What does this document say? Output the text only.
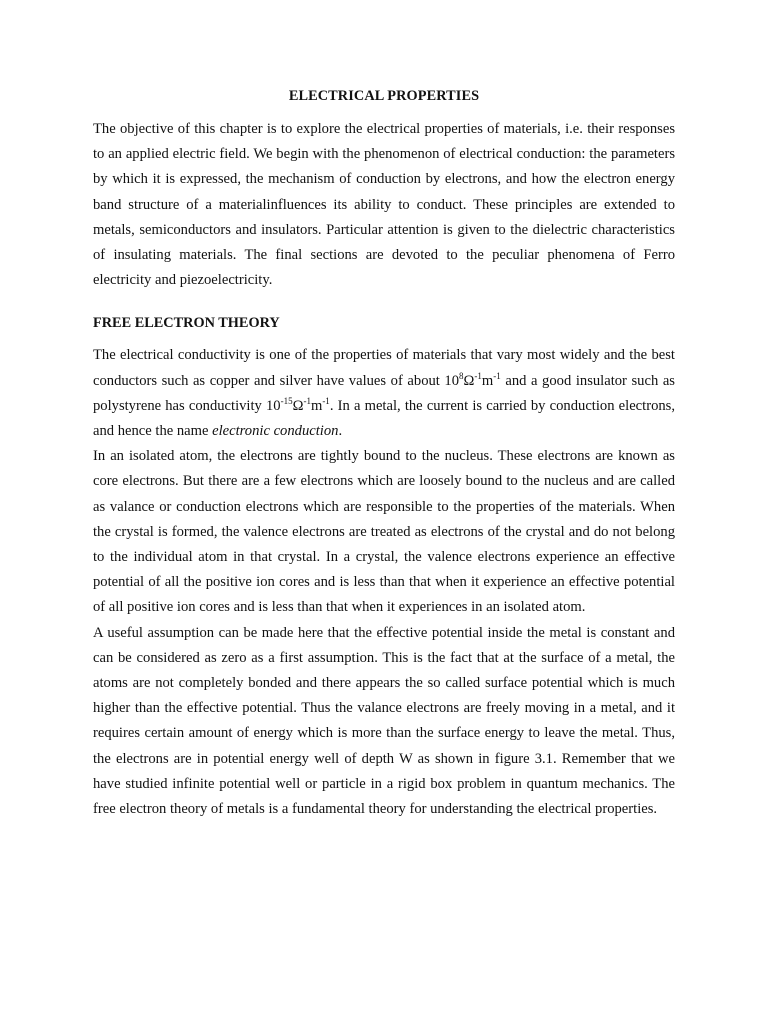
ELECTRICAL PROPERTIES

The objective of this chapter is to explore the electrical properties of materials, i.e. their responses to an applied electric field. We begin with the phenomenon of electrical conduction: the parameters by which it is expressed, the mechanism of conduction by electrons, and how the electron energy band structure of a materialinfluences its ability to conduct. These principles are extended to metals, semiconductors and insulators. Particular attention is given to the dielectric characteristics of insulating materials. The final sections are devoted to the peculiar phenomena of Ferro electricity and piezoelectricity.

FREE ELECTRON THEORY

The electrical conductivity is one of the properties of materials that vary most widely and the best conductors such as copper and silver have values of about $10^8\Omega^{-1}m^{-1}$ and a good insulator such as polystyrene has conductivity $10^{-15}\Omega^{-1}m^{-1}$. In a metal, the current is carried by conduction electrons, and hence the name electronic conduction.

In an isolated atom, the electrons are tightly bound to the nucleus. These electrons are known as core electrons. But there are a few electrons which are loosely bound to the nucleus and are called as valance or conduction electrons which are responsible to the properties of the materials. When the crystal is formed, the valence electrons are treated as electrons of the crystal and do not belong to the individual atom in that crystal. In a crystal, the valence electrons experience an effective potential of all the positive ion cores and is less than that when it experience an effective potential of all positive ion cores and is less than that when it experiences in an isolated atom.

A useful assumption can be made here that the effective potential inside the metal is constant and can be considered as zero as a first assumption. This is the fact that at the surface of a metal, the atoms are not completely bonded and there appears the so called surface potential which is much higher than the effective potential. Thus the valance electrons are freely moving in a metal, and it requires certain amount of energy which is more than the surface energy to leave the metal. Thus, the electrons are in potential energy well of depth W as shown in figure 3.1. Remember that we have studied infinite potential well or particle in a rigid box problem in quantum mechanics. The free electron theory of metals is a fundamental theory for understanding the electrical properties.
